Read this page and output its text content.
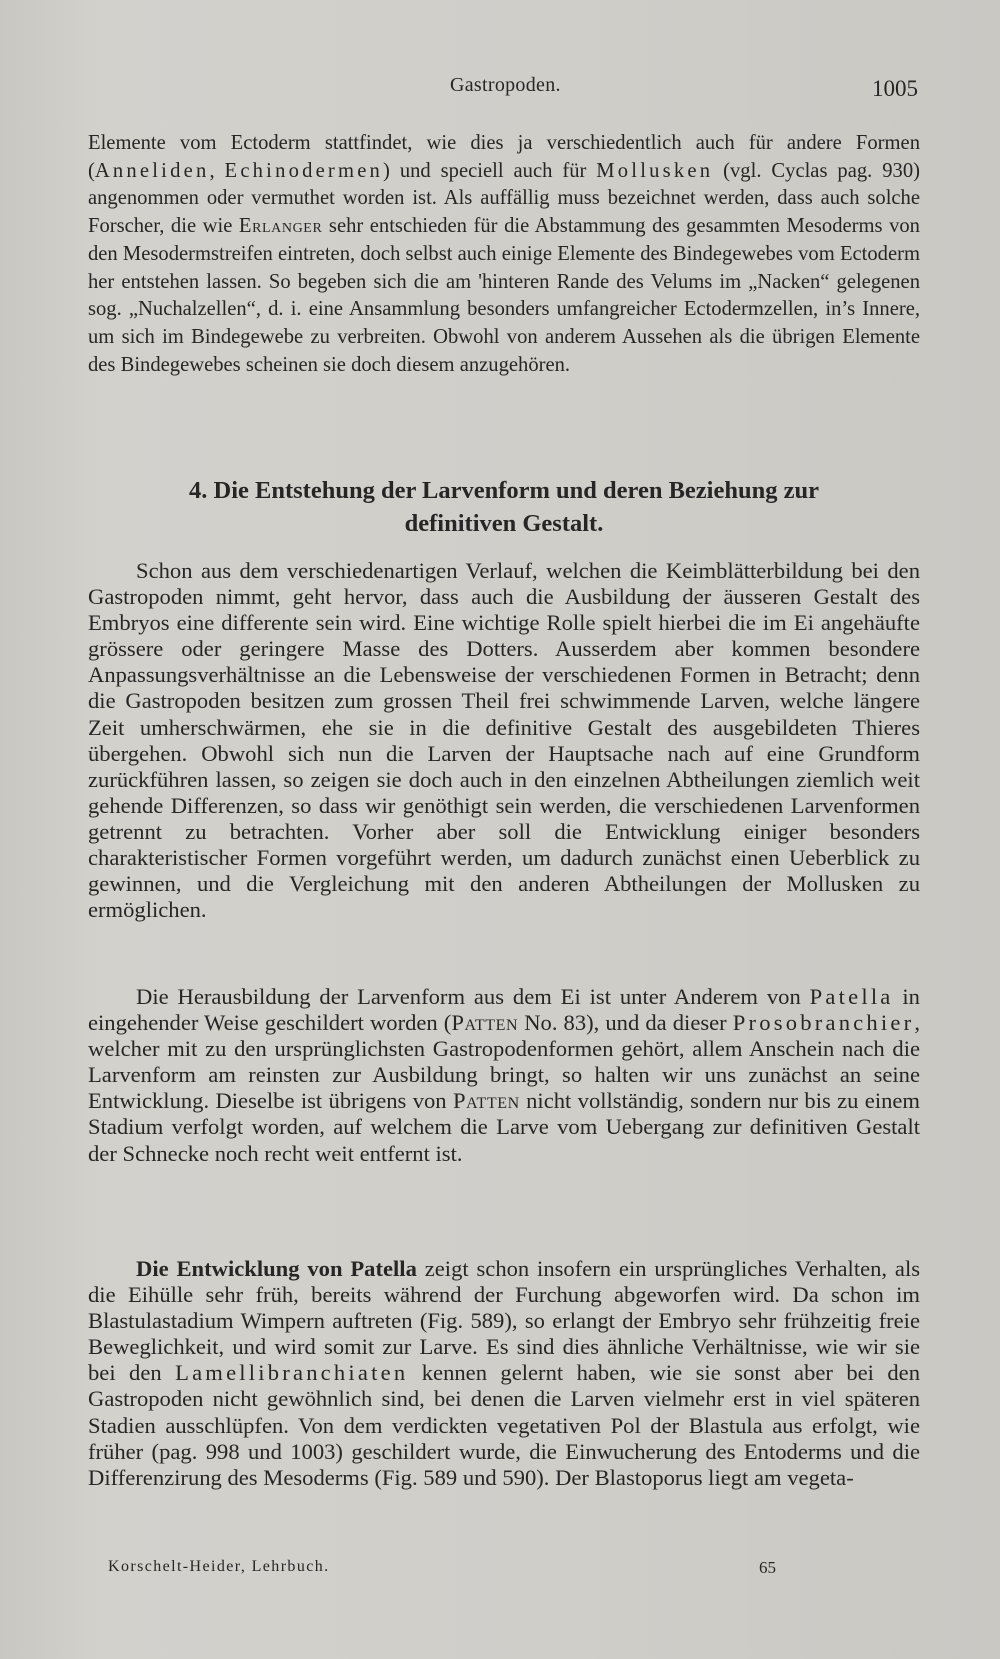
Gastropoden.	1005

Elemente vom Ectoderm stattfindet, wie dies ja verschiedentlich auch für andere Formen (Anneliden, Echinodermen) und speciell auch für Mollusken (vgl. Cyclas pag. 930) angenommen oder vermuthet worden ist. Als auffällig muss bezeichnet werden, dass auch solche Forscher, die wie Erlanger sehr entschieden für die Abstammung des gesammten Mesoderms von den Mesodermstreifen eintreten, doch selbst auch einige Elemente des Bindegewebes vom Ectoderm her entstehen lassen. So begeben sich die am 'hinteren Rande des Velums im „Nacken“ gelegenen sog. „Nuchalzellen“, d. i. eine Ansammlung besonders umfangreicher Ectodermzellen, in’s Innere, um sich im Bindegewebe zu verbreiten. Obwohl von anderem Aussehen als die übrigen Elemente des Bindegewebes scheinen sie doch diesem anzugehören.

4. Die Entstehung der Larvenform und deren Beziehung zur
definitiven Gestalt.

Schon aus dem verschiedenartigen Verlauf, welchen die Keimblätterbildung bei den Gastropoden nimmt, geht hervor, dass auch die Ausbildung der äusseren Gestalt des Embryos eine differente sein wird. Eine wichtige Rolle spielt hierbei die im Ei angehäufte grössere oder geringere Masse des Dotters. Ausserdem aber kommen besondere Anpassungsverhältnisse an die Lebensweise der verschiedenen Formen in Betracht; denn die Gastropoden besitzen zum grossen Theil frei schwimmende Larven, welche längere Zeit umherschwärmen, ehe sie in die definitive Gestalt des ausgebildeten Thieres übergehen. Obwohl sich nun die Larven der Hauptsache nach auf eine Grundform zurückführen lassen, so zeigen sie doch auch in den einzelnen Abtheilungen ziemlich weit gehende Differenzen, so dass wir genöthigt sein werden, die verschiedenen Larvenformen getrennt zu betrachten. Vorher aber soll die Entwicklung einiger besonders charakteristischer Formen vorgeführt werden, um dadurch zunächst einen Ueberblick zu gewinnen, und die Vergleichung mit den anderen Abtheilungen der Mollusken zu ermöglichen.

Die Herausbildung der Larvenform aus dem Ei ist unter Anderem von Patella in eingehender Weise geschildert worden (Patten No. 83), und da dieser Prosobranchier, welcher mit zu den ursprünglichsten Gastropodenformen gehört, allem Anschein nach die Larvenform am reinsten zur Ausbildung bringt, so halten wir uns zunächst an seine Entwicklung. Dieselbe ist übrigens von Patten nicht vollständig, sondern nur bis zu einem Stadium verfolgt worden, auf welchem die Larve vom Uebergang zur definitiven Gestalt der Schnecke noch recht weit entfernt ist.

Die Entwicklung von Patella zeigt schon insofern ein ursprüngliches Verhalten, als die Eihülle sehr früh, bereits während der Furchung abgeworfen wird. Da schon im Blastulastadium Wimpern auftreten (Fig. 589), so erlangt der Embryo sehr frühzeitig freie Beweglichkeit, und wird somit zur Larve. Es sind dies ähnliche Verhältnisse, wie wir sie bei den Lamellibranchiaten kennen gelernt haben, wie sie sonst aber bei den Gastropoden nicht gewöhnlich sind, bei denen die Larven vielmehr erst in viel späteren Stadien ausschlüpfen. Von dem verdickten vegetativen Pol der Blastula aus erfolgt, wie früher (pag. 998 und 1003) geschildert wurde, die Einwucherung des Entoderms und die Differenzirung des Mesoderms (Fig. 589 und 590). Der Blastoporus liegt am vegeta-

Korschelt-Heider, Lehrbuch.	65
